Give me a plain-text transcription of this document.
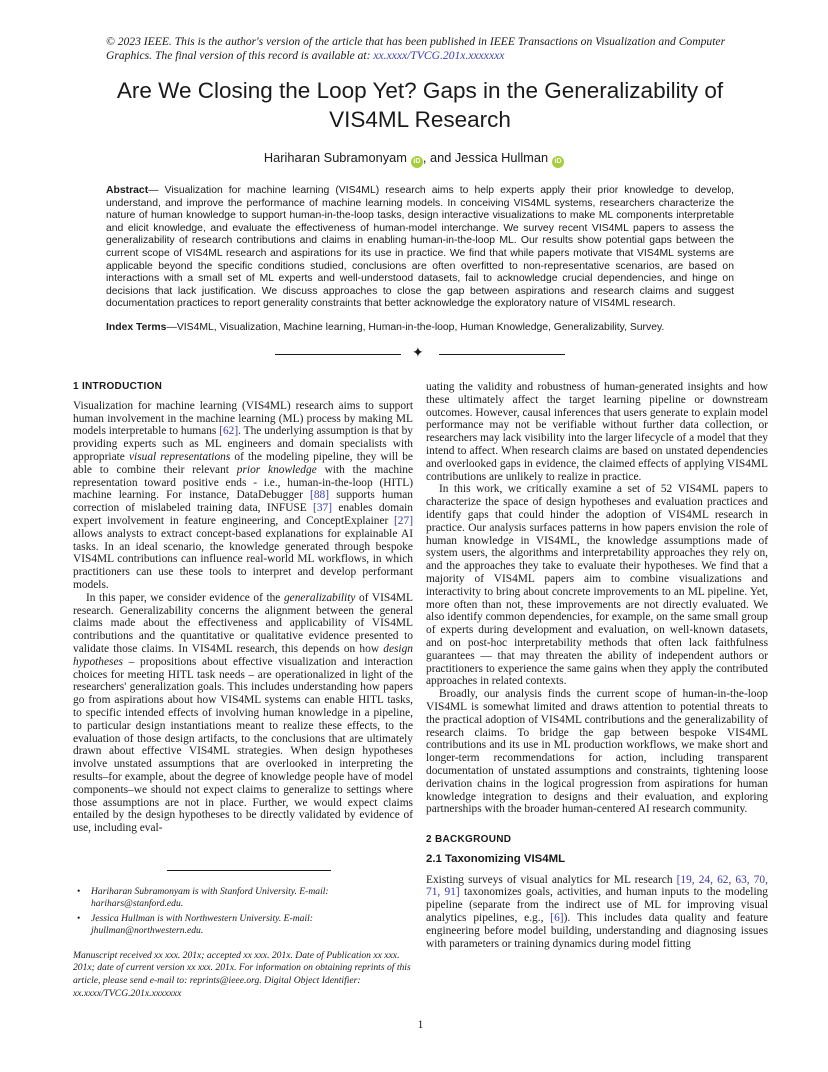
© 2023 IEEE. This is the author's version of the article that has been published in IEEE Transactions on Visualization and Computer Graphics. The final version of this record is available at: xx.xxxx/TVCG.201x.xxxxxxx
Are We Closing the Loop Yet? Gaps in the Generalizability of VIS4ML Research
Hariharan Subramonyam iD , and Jessica Hullman iD
Abstract— Visualization for machine learning (VIS4ML) research aims to help experts apply their prior knowledge to develop, understand, and improve the performance of machine learning models. In conceiving VIS4ML systems, researchers characterize the nature of human knowledge to support human-in-the-loop tasks, design interactive visualizations to make ML components interpretable and elicit knowledge, and evaluate the effectiveness of human-model interchange. We survey recent VIS4ML papers to assess the generalizability of research contributions and claims in enabling human-in-the-loop ML. Our results show potential gaps between the current scope of VIS4ML research and aspirations for its use in practice. We find that while papers motivate that VIS4ML systems are applicable beyond the specific conditions studied, conclusions are often overfitted to non-representative scenarios, are based on interactions with a small set of ML experts and well-understood datasets, fail to acknowledge crucial dependencies, and hinge on decisions that lack justification. We discuss approaches to close the gap between aspirations and research claims and suggest documentation practices to report generality constraints that better acknowledge the exploratory nature of VIS4ML research.
Index Terms—VIS4ML, Visualization, Machine learning, Human-in-the-loop, Human Knowledge, Generalizability, Survey.
✦
1 INTRODUCTION

Visualization for machine learning (VIS4ML) research aims to support human involvement in the machine learning (ML) process by making ML models interpretable to humans [62]. The underlying assumption is that by providing experts such as ML engineers and domain specialists with appropriate visual representations of the modeling pipeline, they will be able to combine their relevant prior knowledge with the machine representation toward positive ends - i.e., human-in-the-loop (HITL) machine learning. For instance, DataDebugger [88] supports human correction of mislabeled training data, INFUSE [37] enables domain expert involvement in feature engineering, and ConceptExplainer [27] allows analysts to extract concept-based explanations for explainable AI tasks. In an ideal scenario, the knowledge generated through bespoke VIS4ML contributions can influence real-world ML workflows, in which practitioners can use these tools to interpret and develop performant models.

In this paper, we consider evidence of the generalizability of VIS4ML research. Generalizability concerns the alignment between the general claims made about the effectiveness and applicability of VIS4ML contributions and the quantitative or qualitative evidence presented to validate those claims. In VIS4ML research, this depends on how design hypotheses – propositions about effective visualization and interaction choices for meeting HITL task needs – are operationalized in light of the researchers' generalization goals. This includes understanding how papers go from aspirations about how VIS4ML systems can enable HITL tasks, to specific intended effects of involving human knowledge in a pipeline, to particular design instantiations meant to realize these effects, to the evaluation of those design artifacts, to the conclusions that are ultimately drawn about effective VIS4ML strategies. When design hypotheses involve unstated assumptions that are overlooked in interpreting the results–for example, about the degree of knowledge people have of model components–we should not expect claims to generalize to settings where those assumptions are not in place. Further, we would expect claims entailed by the design hypotheses to be directly validated by evidence of use, including eval-

• Hariharan Subramonyam is with Stanford University. E-mail: harihars@stanford.edu.
• Jessica Hullman is with Northwestern University. E-mail: jhullman@northwestern.edu.
Manuscript received xx xxx. 201x; accepted xx xxx. 201x. Date of Publication xx xxx. 201x; date of current version xx xxx. 201x. For information on obtaining reprints of this article, please send e-mail to: reprints@ieee.org. Digital Object Identifier: xx.xxxx/TVCG.201x.xxxxxxx

uating the validity and robustness of human-generated insights and how these ultimately affect the target learning pipeline or downstream outcomes. However, causal inferences that users generate to explain model performance may not be verifiable without further data collection, or researchers may lack visibility into the larger lifecycle of a model that they intend to affect. When research claims are based on unstated dependencies and overlooked gaps in evidence, the claimed effects of applying VIS4ML contributions are unlikely to realize in practice.

In this work, we critically examine a set of 52 VIS4ML papers to characterize the space of design hypotheses and evaluation practices and identify gaps that could hinder the adoption of VIS4ML research in practice. Our analysis surfaces patterns in how papers envision the role of human knowledge in VIS4ML, the knowledge assumptions made of system users, the algorithms and interpretability approaches they rely on, and the approaches they take to evaluate their hypotheses. We find that a majority of VIS4ML papers aim to combine visualizations and interactivity to bring about concrete improvements to an ML pipeline. Yet, more often than not, these improvements are not directly evaluated. We also identify common dependencies, for example, on the same small group of experts during development and evaluation, on well-known datasets, and on post-hoc interpretability methods that often lack faithfulness guarantees — that may threaten the ability of independent authors or practitioners to experience the same gains when they apply the contributed approaches in related contexts.

Broadly, our analysis finds the current scope of human-in-the-loop VIS4ML is somewhat limited and draws attention to potential threats to the practical adoption of VIS4ML contributions and the generalizability of research claims. To bridge the gap between bespoke VIS4ML contributions and its use in ML production workflows, we make short and longer-term recommendations for action, including transparent documentation of unstated assumptions and constraints, tightening loose derivation chains in the logical progression from aspirations for human knowledge integration to designs and their evaluation, and exploring partnerships with the broader human-centered AI research community.

2 BACKGROUND
2.1 Taxonomizing VIS4ML

Existing surveys of visual analytics for ML research [19, 24, 62, 63, 70, 71, 91] taxonomizes goals, activities, and human inputs to the modeling pipeline (separate from the indirect use of ML for improving visual analytics pipelines, e.g., [6]). This includes data quality and feature engineering before model building, understanding and diagnosing issues with parameters or training dynamics during model fitting

1
